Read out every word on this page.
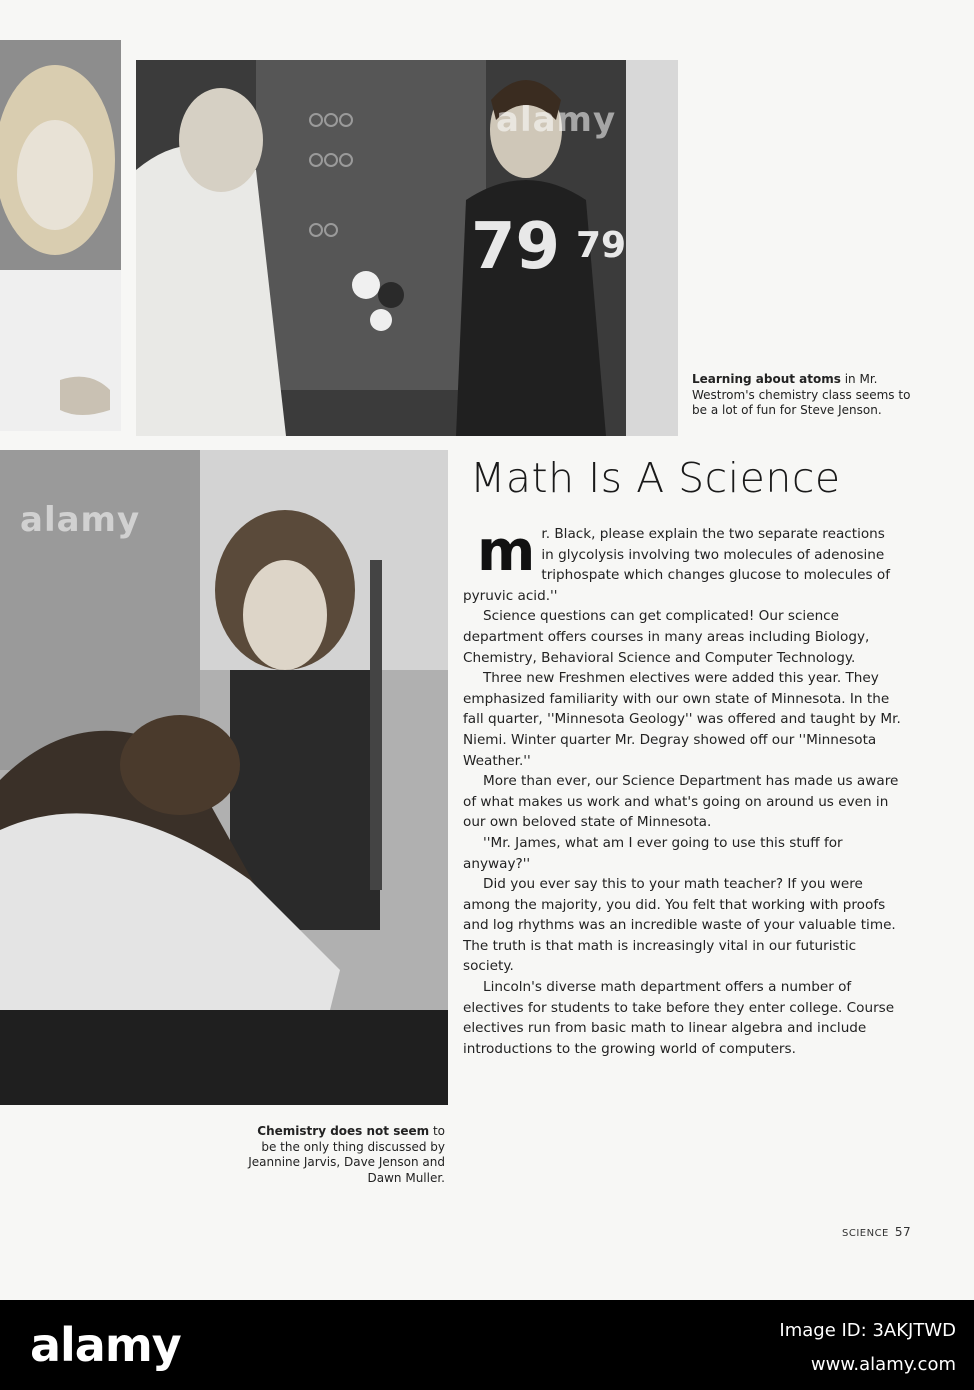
79 79
alamy
alamy
Learning about atoms in Mr. Westrom's chemistry class seems to be a lot of fun for Steve Jenson.
Math Is A Science

mr. Black, please explain the two separate reactions in glycolysis involving two molecules of adenosine triphospate which changes glucose to molecules of pyruvic acid.''

Science questions can get complicated! Our science department offers courses in many areas including Biology, Chemistry, Behavioral Science and Computer Technology.

Three new Freshmen electives were added this year. They emphasized familiarity with our own state of Minnesota. In the fall quarter, ''Minnesota Geology'' was offered and taught by Mr. Niemi. Winter quarter Mr. Degray showed off our ''Minnesota Weather.''

More than ever, our Science Department has made us aware of what makes us work and what's going on around us even in our own beloved state of Minnesota.

''Mr. James, what am I ever going to use this stuff for anyway?''

Did you ever say this to your math teacher? If you were among the majority, you did. You felt that working with proofs and log rhythms was an incredible waste of your valuable time. The truth is that math is increasingly vital in our futuristic society.

Lincoln's diverse math department offers a number of electives for students to take before they enter college. Course electives run from basic math to linear algebra and include introductions to the growing world of computers.

Chemistry does not seem to be the only thing discussed by Jeannine Jarvis, Dave Jenson and Dawn Muller.
SCIENCE 57
alamy	Image ID: 3AKJTWD
www.alamy.com
